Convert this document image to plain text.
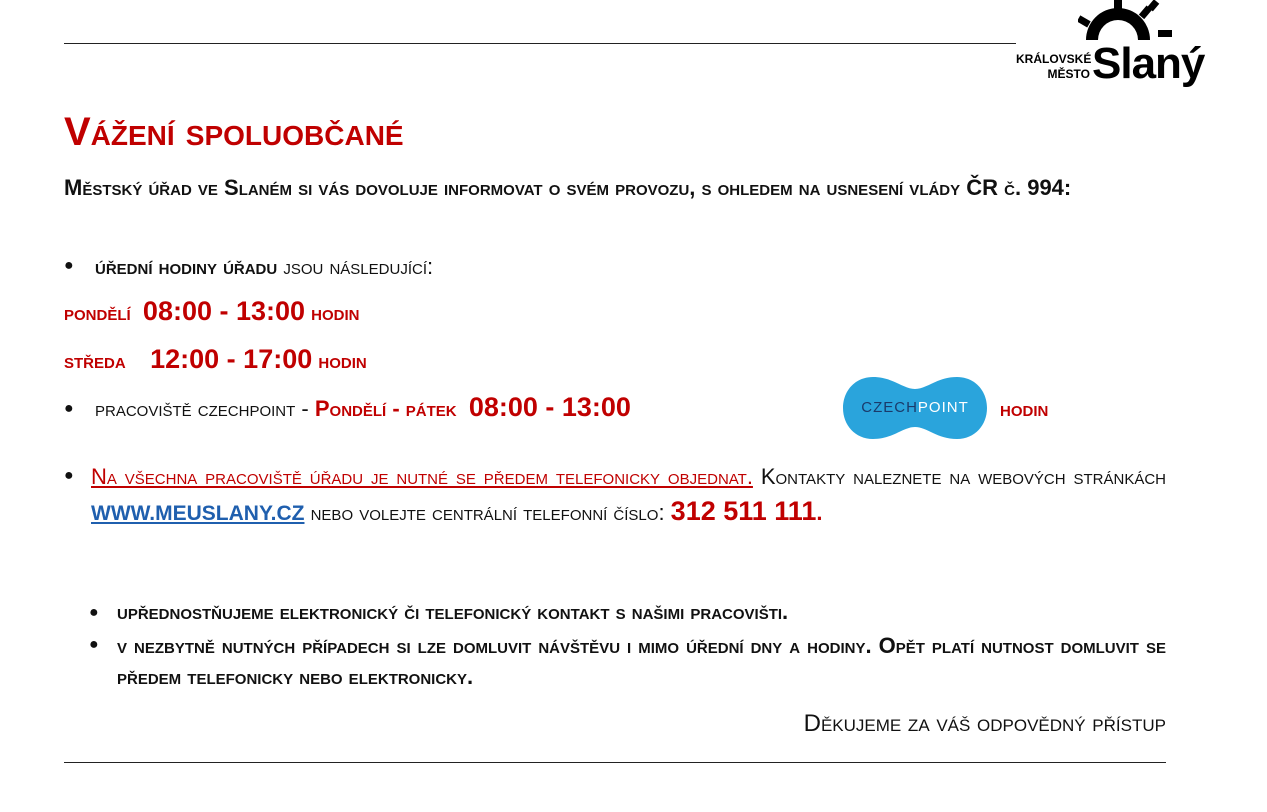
KRÁLOVSKÉ
MĚSTO Slaný
Vážení spoluobčané
Městský úřad ve Slaném si vás dovoluje informovat o svém provozu, s ohledem na usnesení vlády ČR č. 994:
● úřední hodiny úřadu jsou následující:
pondělí 08:00 - 13:00 hodin
středa 12:00 - 17:00 hodin
● pracoviště czechpoint - Pondělí - pátek 08:00 - 13:00	CZECHPOINT	hodin
● Na všechna pracoviště úřadu je nutné se předem telefonicky objednat. Kontakty naleznete na webových stránkách WWW.MEUSLANY.CZ nebo volejte centrální telefonní číslo: 312 511 111.
● upřednostňujeme elektronický či telefonický kontakt s našimi pracovišti.
● v nezbytně nutných případech si lze domluvit návštěvu i mimo úřední dny a hodiny. Opět platí nutnost domluvit se předem telefonicky nebo elektronicky.
Děkujeme za váš odpovědný přístup
